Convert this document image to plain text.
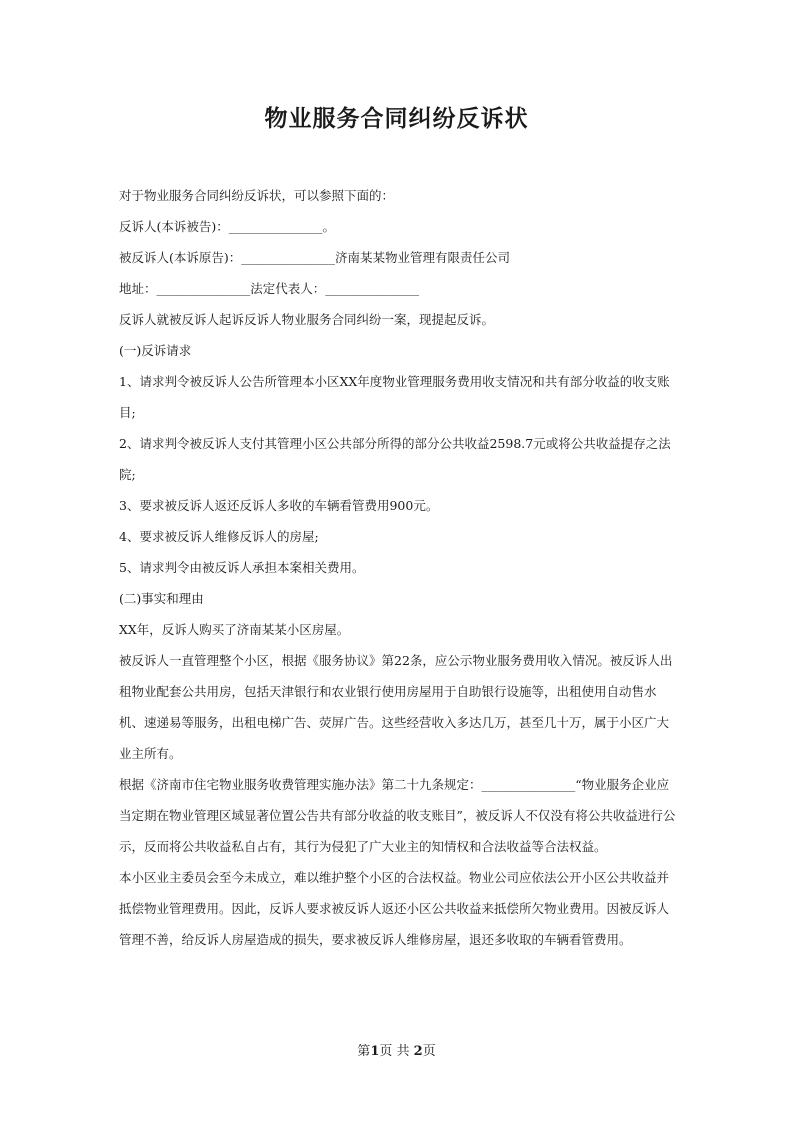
物业服务合同纠纷反诉状

对于物业服务合同纠纷反诉状，可以参照下面的：

反诉人(本诉被告)：_______________。

被反诉人(本诉原告)：_______________济南某某物业管理有限责任公司

地址：_______________法定代表人：_______________

反诉人就被反诉人起诉反诉人物业服务合同纠纷一案，现提起反诉。

(一)反诉请求

1、请求判令被反诉人公告所管理本小区XX年度物业管理服务费用收支情况和共有部分收益的收支账目;

2、请求判令被反诉人支付其管理小区公共部分所得的部分公共收益2598.7元或将公共收益提存之法院;

3、要求被反诉人返还反诉人多收的车辆看管费用900元。

4、要求被反诉人维修反诉人的房屋;

5、请求判令由被反诉人承担本案相关费用。

(二)事实和理由

XX年，反诉人购买了济南某某小区房屋。

被反诉人一直管理整个小区，根据《服务协议》第22条，应公示物业服务费用收入情况。被反诉人出租物业配套公共用房，包括天津银行和农业银行使用房屋用于自助银行设施等，出租使用自动售水机、速递易等服务，出租电梯广告、荧屏广告。这些经营收入多达几万，甚至几十万，属于小区广大业主所有。

根据《济南市住宅物业服务收费管理实施办法》第二十九条规定：_______________“物业服务企业应当定期在物业管理区域显著位置公告共有部分收益的收支账目”，被反诉人不仅没有将公共收益进行公示，反而将公共收益私自占有，其行为侵犯了广大业主的知情权和合法收益等合法权益。

本小区业主委员会至今未成立，难以维护整个小区的合法权益。物业公司应依法公开小区公共收益并抵偿物业管理费用。因此，反诉人要求被反诉人返还小区公共收益来抵偿所欠物业费用。因被反诉人管理不善，给反诉人房屋造成的损失，要求被反诉人维修房屋，退还多收取的车辆看管费用。

第1页 共 2页
